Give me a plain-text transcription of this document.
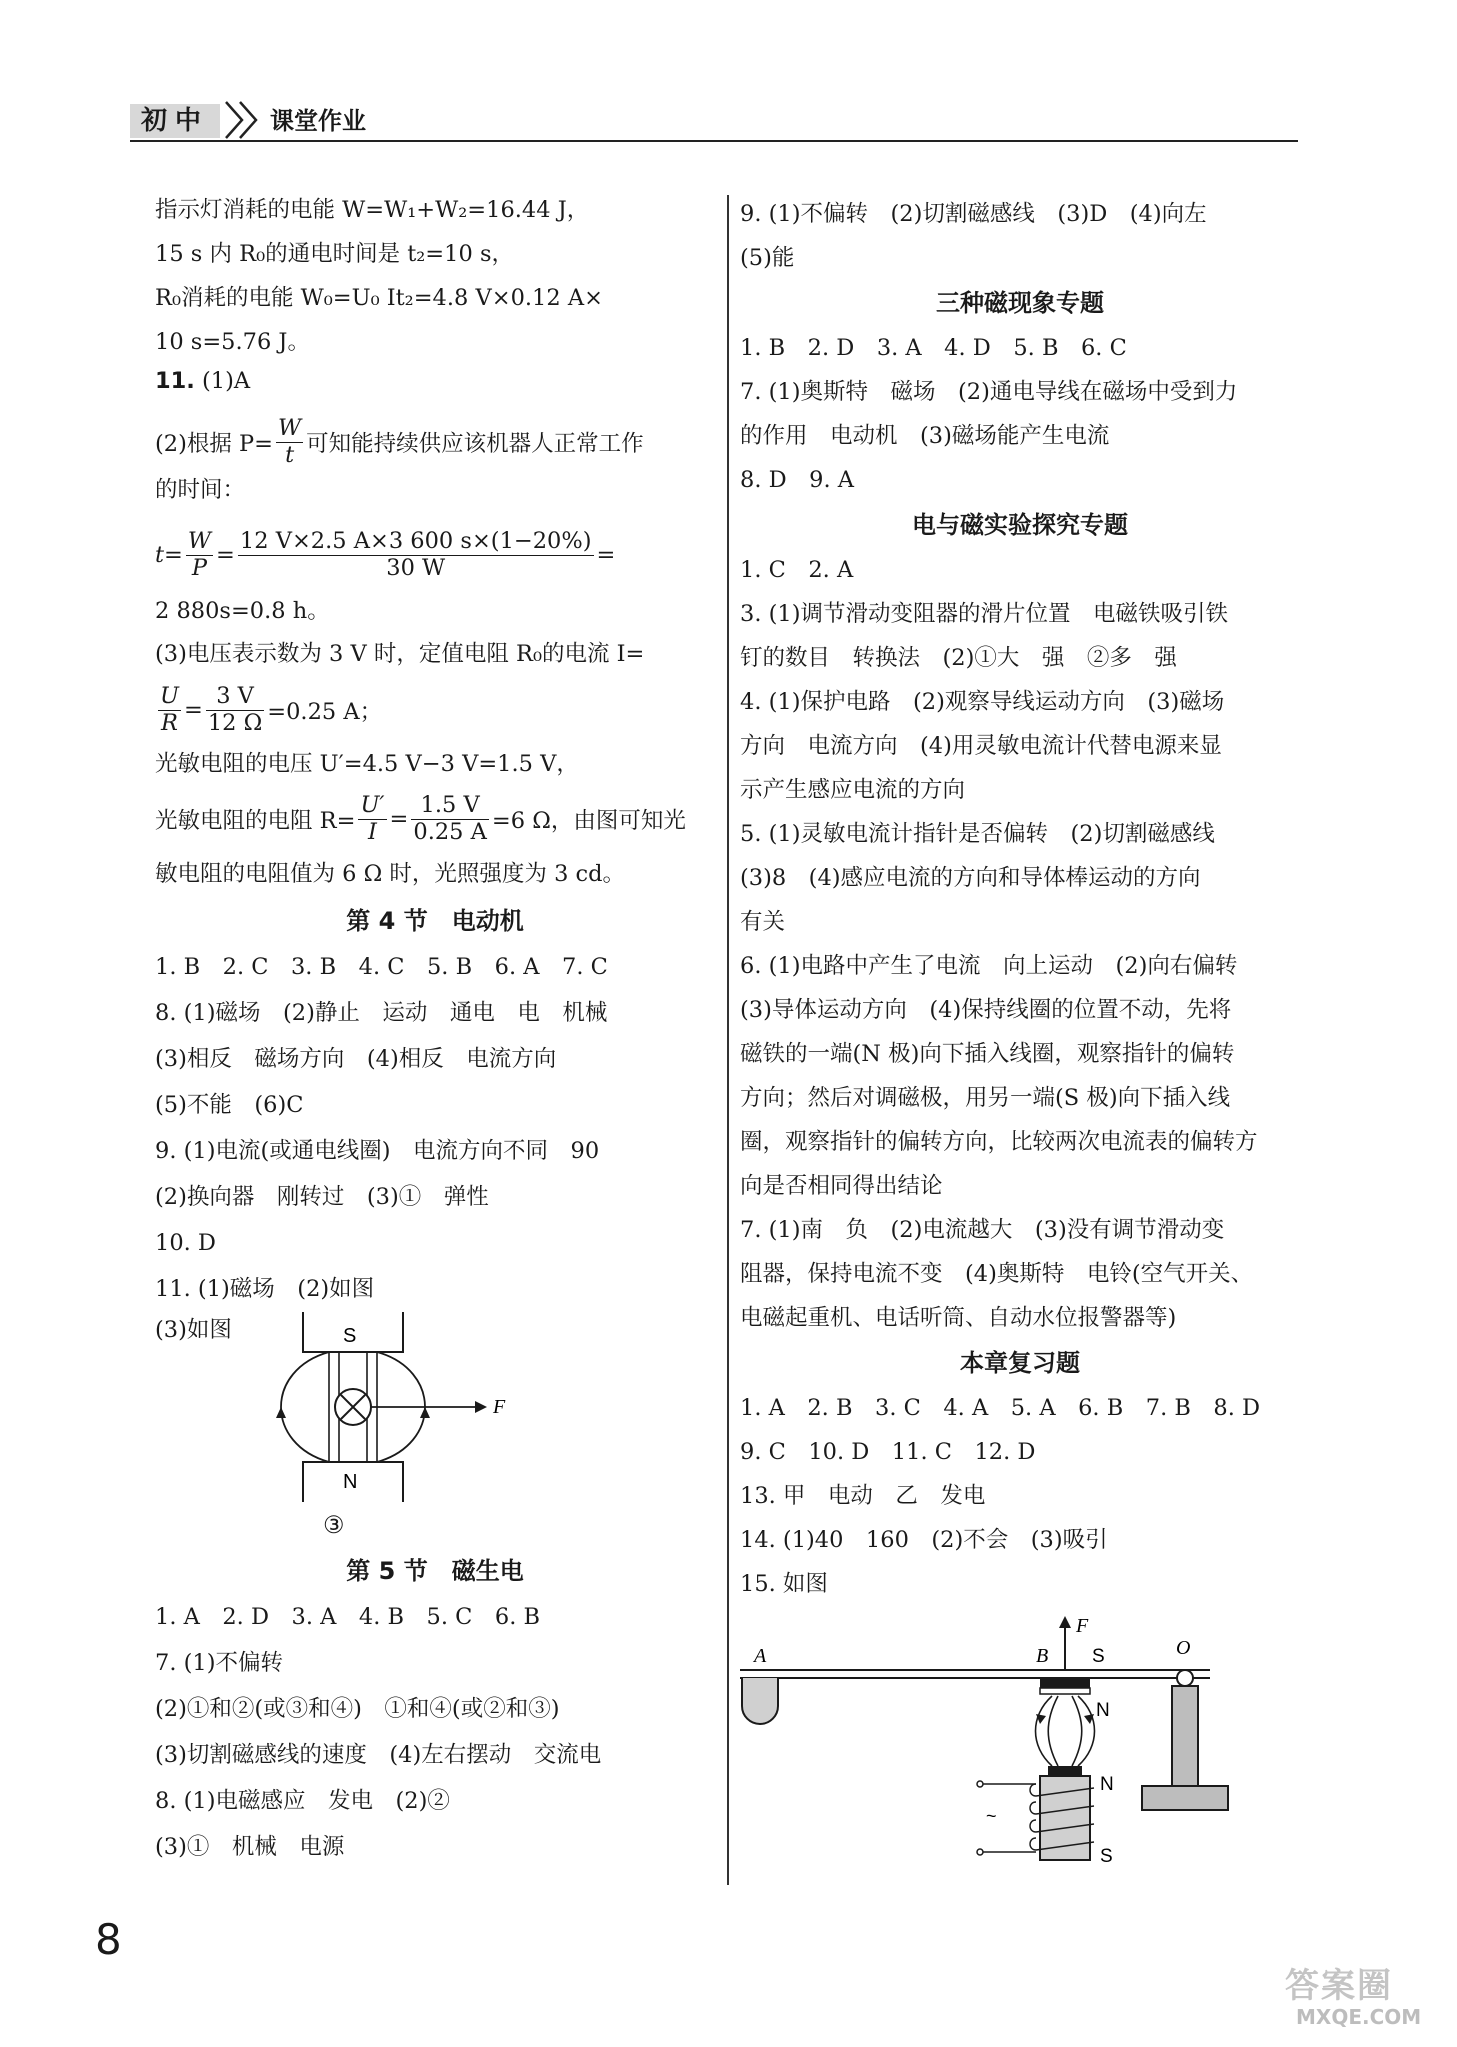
初中	课堂作业
指示灯消耗的电能 W=W₁+W₂=16.44 J，
15 s 内 R₀的通电时间是 t₂=10 s，
R₀消耗的电能 W₀=U₀ It₂=4.8 V×0.12 A×
10 s=5.76 J。
11. (1)A
(2)根据 $P= \frac{W}{t}$ 可知能持续供应该机器人正常工作
的时间：
$t= \frac{W}{P} = \frac{12 V\times 2.5 A\times 3 600 s\times(1-20\%)}{30 W}$ =
2 880s=0.8 h。
(3)电压表示数为 3 V 时，定值电阻 R₀的电流 I=
$\frac{U}{R} = \frac{3 V}{12 \Omega} =0.25$ A；
光敏电阻的电压 U′=4.5 V−3 V=1.5 V，
光敏电阻的电阻 $R= \frac{U'}{I} = \frac{1.5 V}{0.25 A} =6$ Ω，由图可知光
敏电阻的电阻值为 6 Ω 时，光照强度为 3 cd。
第 4 节　电动机
1. B　2. C　3. B　4. C　5. B　6. A　7. C
8. (1)磁场　(2)静止　运动　通电　电　机械
(3)相反　磁场方向　(4)相反　电流方向
(5)不能　(6)C
9. (1)电流(或通电线圈)　电流方向不同　90
(2)换向器　刚转过　(3)①　弹性
10. D
11. (1)磁场　(2)如图
(3)如图	S
N
F
③
第 5 节　磁生电
1. A　2. D　3. A　4. B　5. C　6. B
7. (1)不偏转
(2)①和②(或③和④)　①和④(或②和③)
(3)切割磁感线的速度　(4)左右摆动　交流电
8. (1)电磁感应　发电　(2)②
(3)①　机械　电源
9. (1)不偏转　(2)切割磁感线　(3)D　(4)向左
(5)能
三种磁现象专题
1. B　2. D　3. A　4. D　5. B　6. C
7. (1)奥斯特　磁场　(2)通电导线在磁场中受到力
的作用　电动机　(3)磁场能产生电流
8. D　9. A
电与磁实验探究专题
1. C　2. A
3. (1)调节滑动变阻器的滑片位置　电磁铁吸引铁
钉的数目　转换法　(2)①大　强　②多　强
4. (1)保护电路　(2)观察导线运动方向　(3)磁场
方向　电流方向　(4)用灵敏电流计代替电源来显
示产生感应电流的方向
5. (1)灵敏电流计指针是否偏转　(2)切割磁感线
(3)8　(4)感应电流的方向和导体棒运动的方向
有关
6. (1)电路中产生了电流　向上运动　(2)向右偏转
(3)导体运动方向　(4)保持线圈的位置不动，先将
磁铁的一端(N 极)向下插入线圈，观察指针的偏转
方向；然后对调磁极，用另一端(S 极)向下插入线
圈，观察指针的偏转方向，比较两次电流表的偏转方
向是否相同得出结论
7. (1)南　负　(2)电流越大　(3)没有调节滑动变
阻器，保持电流不变　(4)奥斯特　电铃(空气开关、
电磁起重机、电话听筒、自动水位报警器等)
本章复习题
1. A　2. B　3. C　4. A　5. A　6. B　7. B　8. D
9. C　10. D　11. C　12. D
13. 甲　电动　乙　发电
14. (1)40　160　(2)不会　(3)吸引
15. 如图
A	O
B S
N
F
~
N
S
8
答案圈
MXQE.COM
